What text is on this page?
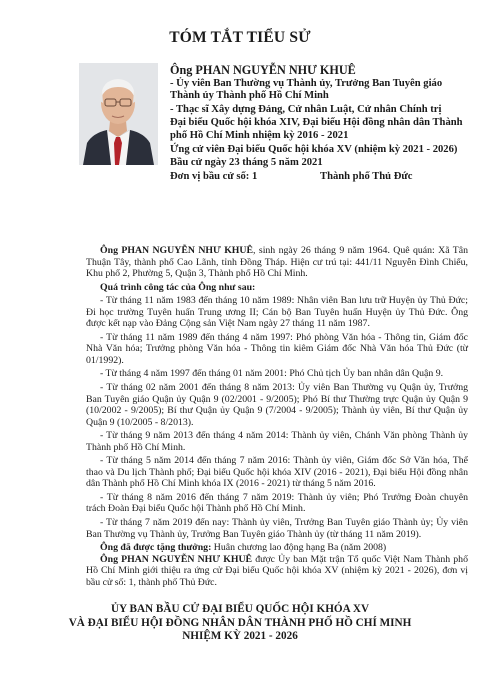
TÓM TẮT TIỂU SỬ
Ông PHAN NGUYỄN NHƯ KHUÊ
- Ủy viên Ban Thường vụ Thành ủy, Trưởng Ban Tuyên giáo Thành ủy Thành phố Hồ Chí Minh
- Thạc sĩ Xây dựng Đảng, Cử nhân Luật, Cử nhân Chính trị
Đại biểu Quốc hội khóa XIV, Đại biểu Hội đồng nhân dân Thành phố Hồ Chí Minh nhiệm kỳ 2016 - 2021
Ứng cử viên Đại biểu Quốc hội khóa XV (nhiệm kỳ 2021 - 2026)
Bầu cử ngày 23 tháng 5 năm 2021
Đơn vị bầu cử số: 1	Thành phố Thủ Đức

Ông PHAN NGUYỄN NHƯ KHUÊ, sinh ngày 26 tháng 9 năm 1964. Quê quán: Xã Tân Thuận Tây, thành phố Cao Lãnh, tỉnh Đồng Tháp. Hiện cư trú tại: 441/11 Nguyễn Đình Chiểu, Khu phố 2, Phường 5, Quận 3, Thành phố Hồ Chí Minh.

Quá trình công tác của Ông như sau:

- Từ tháng 11 năm 1983 đến tháng 10 năm 1989: Nhân viên Ban lưu trữ Huyện ủy Thủ Đức; Đi học trường Tuyên huấn Trung ương II; Cán bộ Ban Tuyên huấn Huyện ủy Thủ Đức. Ông được kết nạp vào Đảng Cộng sản Việt Nam ngày 27 tháng 11 năm 1987.

- Từ tháng 11 năm 1989 đến tháng 4 năm 1997: Phó phòng Văn hóa - Thông tin, Giám đốc Nhà Văn hóa; Trưởng phòng Văn hóa - Thông tin kiêm Giám đốc Nhà Văn hóa Thủ Đức (từ 01/1992).

- Từ tháng 4 năm 1997 đến tháng 01 năm 2001: Phó Chủ tịch Ủy ban nhân dân Quận 9.

- Từ tháng 02 năm 2001 đến tháng 8 năm 2013: Ủy viên Ban Thường vụ Quận ủy, Trưởng Ban Tuyên giáo Quận ủy Quận 9 (02/2001 - 9/2005); Phó Bí thư Thường trực Quận ủy Quận 9 (10/2002 - 9/2005); Bí thư Quận ủy Quận 9 (7/2004 - 9/2005); Thành ủy viên, Bí thư Quận ủy Quận 9 (10/2005 - 8/2013).

- Từ tháng 9 năm 2013 đến tháng 4 năm 2014: Thành ủy viên, Chánh Văn phòng Thành ủy Thành phố Hồ Chí Minh.

- Từ tháng 5 năm 2014 đến tháng 7 năm 2016: Thành ủy viên, Giám đốc Sở Văn hóa, Thể thao và Du lịch Thành phố; Đại biểu Quốc hội khóa XIV (2016 - 2021), Đại biểu Hội đồng nhân dân Thành phố Hồ Chí Minh khóa IX (2016 - 2021) từ tháng 5 năm 2016.

- Từ tháng 8 năm 2016 đến tháng 7 năm 2019: Thành ủy viên; Phó Trưởng Đoàn chuyên trách Đoàn Đại biểu Quốc hội Thành phố Hồ Chí Minh.

- Từ tháng 7 năm 2019 đến nay: Thành ủy viên, Trưởng Ban Tuyên giáo Thành ủy; Ủy viên Ban Thường vụ Thành ủy, Trưởng Ban Tuyên giáo Thành ủy (từ tháng 11 năm 2019).

Ông đã được tặng thưởng: Huân chương lao động hạng Ba (năm 2008)

Ông PHAN NGUYỄN NHƯ KHUÊ được Ủy ban Mặt trận Tổ quốc Việt Nam Thành phố Hồ Chí Minh giới thiệu ra ứng cử Đại biểu Quốc hội khóa XV (nhiệm kỳ 2021 - 2026), đơn vị bầu cử số: 1, thành phố Thủ Đức.

ỦY BAN BẦU CỬ ĐẠI BIỂU QUỐC HỘI KHÓA XV
VÀ ĐẠI BIỂU HỘI ĐỒNG NHÂN DÂN THÀNH PHỐ HỒ CHÍ MINH
NHIỆM KỲ 2021 - 2026
